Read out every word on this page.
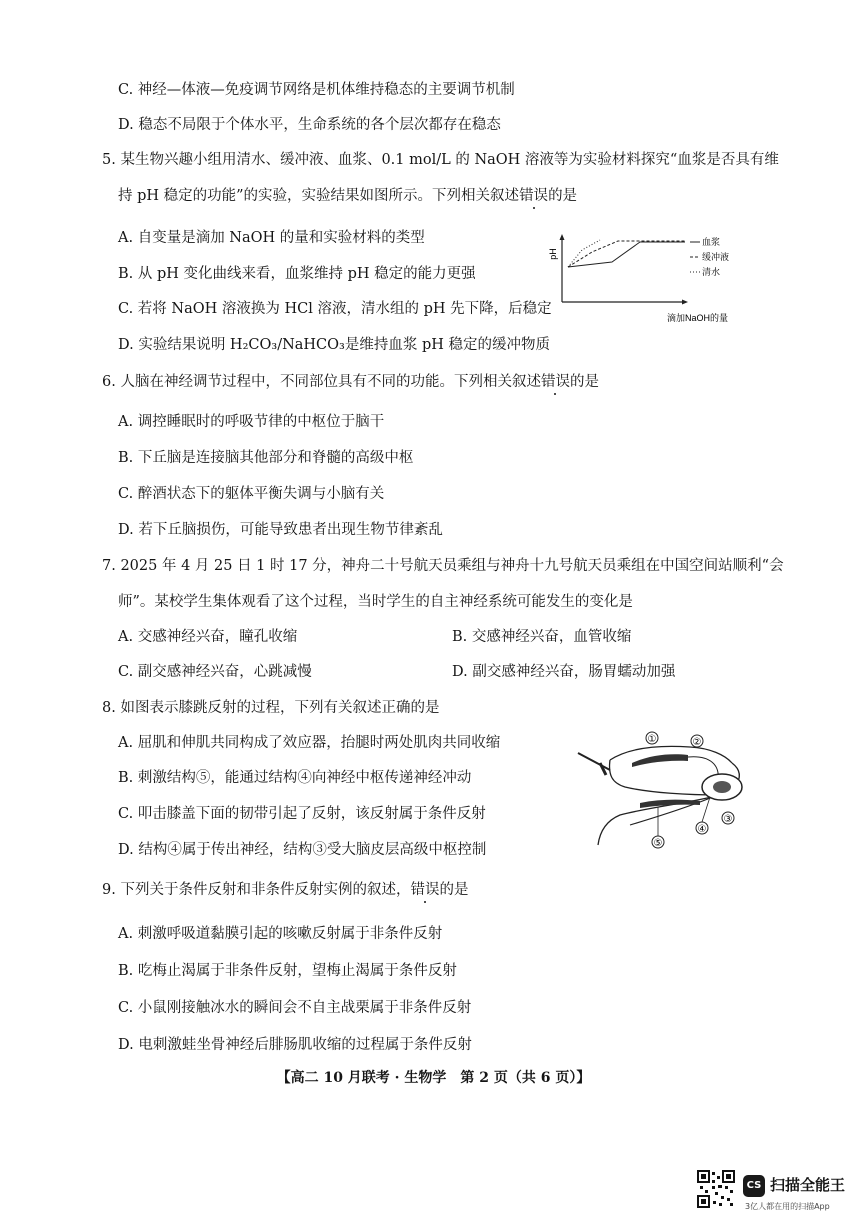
C. 神经—体液—免疫调节网络是机体维持稳态的主要调节机制
D. 稳态不局限于个体水平，生命系统的各个层次都存在稳态
5. 某生物兴趣小组用清水、缓冲液、血浆、0.1 mol/L 的 NaOH 溶液等为实验材料探究“血浆是否具有维
持 pH 稳定的功能”的实验，实验结果如图所示。下列相关叙述错误的是
A. 自变量是滴加 NaOH 的量和实验材料的类型
B. 从 pH 变化曲线来看，血浆维持 pH 稳定的能力更强
C. 若将 NaOH 溶液换为 HCl 溶液，清水组的 pH 先下降，后稳定
D. 实验结果说明 H₂CO₃/NaHCO₃是维持血浆 pH 稳定的缓冲物质
pH
血浆
缓冲液
清水
滴加NaOH的量
6. 人脑在神经调节过程中，不同部位具有不同的功能。下列相关叙述错误的是
A. 调控睡眠时的呼吸节律的中枢位于脑干
B. 下丘脑是连接脑其他部分和脊髓的高级中枢
C. 醉酒状态下的躯体平衡失调与小脑有关
D. 若下丘脑损伤，可能导致患者出现生物节律紊乱
7. 2025 年 4 月 25 日 1 时 17 分，神舟二十号航天员乘组与神舟十九号航天员乘组在中国空间站顺利“会
师”。某校学生集体观看了这个过程，当时学生的自主神经系统可能发生的变化是
A. 交感神经兴奋，瞳孔收缩	B. 交感神经兴奋，血管收缩
C. 副交感神经兴奋，心跳减慢	D. 副交感神经兴奋，肠胃蠕动加强
8. 如图表示膝跳反射的过程，下列有关叙述正确的是
A. 屈肌和伸肌共同构成了效应器，抬腿时两处肌肉共同收缩
B. 刺激结构⑤，能通过结构④向神经中枢传递神经冲动
C. 叩击膝盖下面的韧带引起了反射，该反射属于条件反射
D. 结构④属于传出神经，结构③受大脑皮层高级中枢控制
①	②
③
④
⑤
9. 下列关于条件反射和非条件反射实例的叙述，错误的是
A. 刺激呼吸道黏膜引起的咳嗽反射属于非条件反射
B. 吃梅止渴属于非条件反射，望梅止渴属于条件反射
C. 小鼠刚接触冰水的瞬间会不自主战栗属于非条件反射
D. 电刺激蛙坐骨神经后腓肠肌收缩的过程属于条件反射
【高二 10 月联考 · 生物学　第 2 页（共 6 页）】
CS 扫描全能王
3亿人都在用的扫描App
